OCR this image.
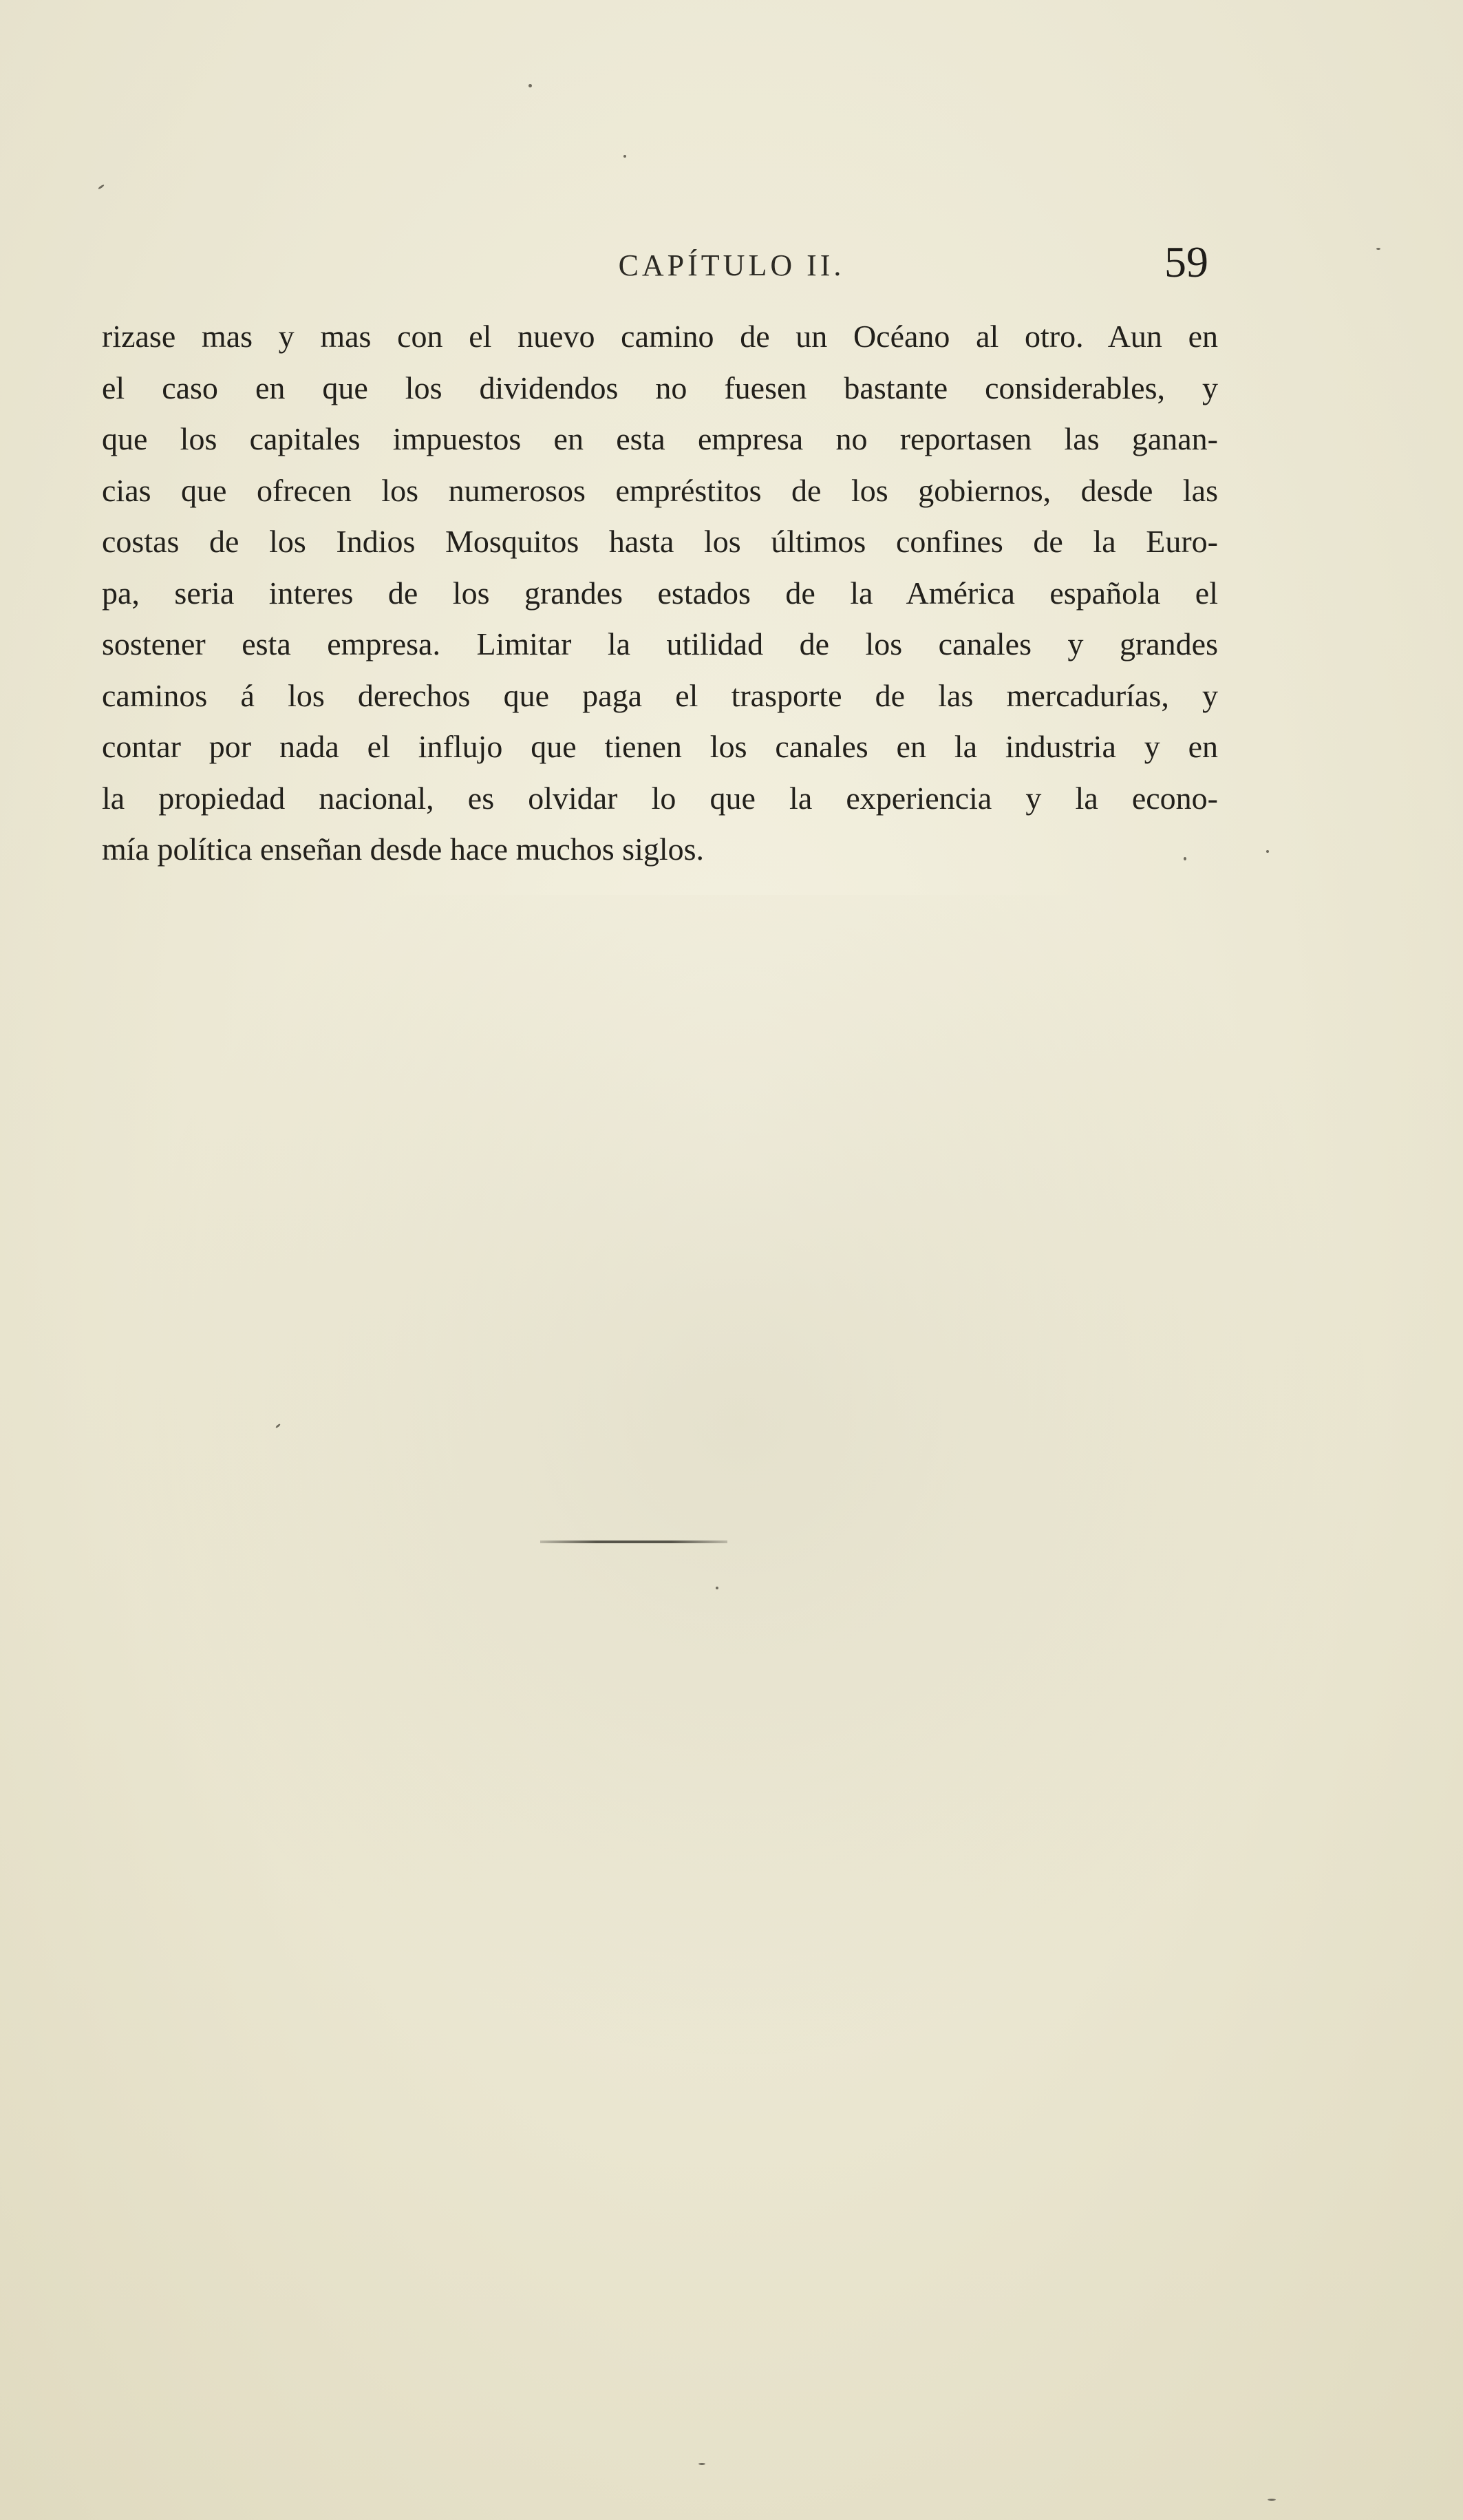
CAPÍTULO II.	59
rizase mas y mas con el nuevo camino de un Océano al otro. Aun en
el caso en que los dividendos no fuesen bastante considerables, y
que los capitales impuestos en esta empresa no reportasen las ganan-
cias que ofrecen los numerosos empréstitos de los gobiernos, desde las
costas de los Indios Mosquitos hasta los últimos confines de la Euro-
pa, seria interes de los grandes estados de la América española el
sostener esta empresa. Limitar la utilidad de los canales y grandes
caminos á los derechos que paga el trasporte de las mercadurías, y
contar por nada el influjo que tienen los canales en la industria y en
la propiedad nacional, es olvidar lo que la experiencia y la econo-
mía política enseñan desde hace muchos siglos.
